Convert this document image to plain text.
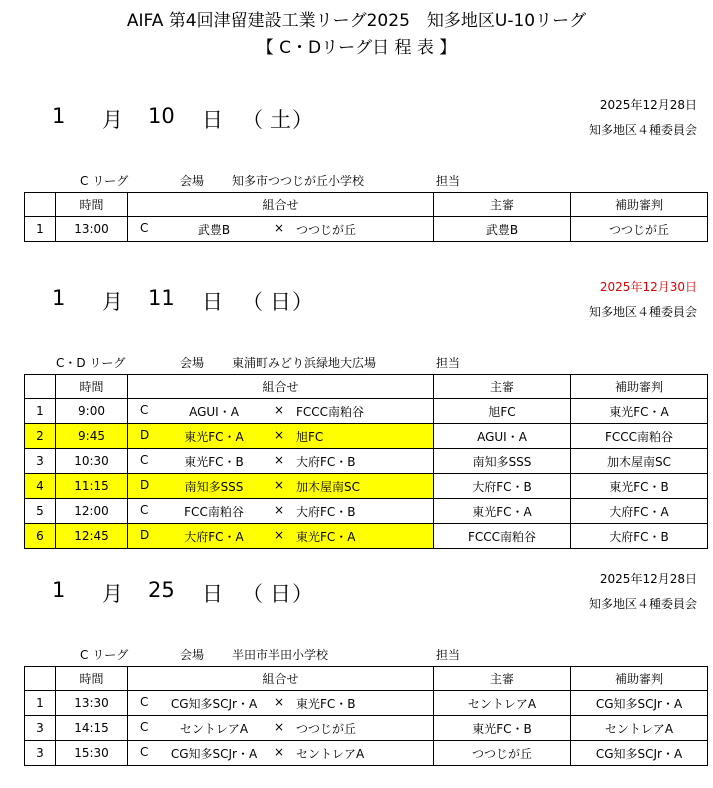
AIFA 第4回津留建設工業リーグ2025　知多地区U-10リーグ
【 C・Dリーグ日 程 表 】
1 月 10 日 （ 土 ）
2025年12月28日
知多地区４種委員会
C リーグ	会場 知多市つつじが丘小学校	担当
	時間	組合せ	主審	補助審判
1	13:00	C 武豊B × つつじが丘	武豊B	つつじが丘
1 月 11 日 （ 日 ）
2025年12月30日
知多地区４種委員会
C・D リーグ	会場 東浦町みどり浜緑地大広場	担当
	時間	組合せ	主審	補助審判
1	9:00	C AGUI・A × FCCC南粕谷	旭FC	東光FC・A
2	9:45	D 東光FC・A × 旭FC	AGUI・A	FCCC南粕谷
3	10:30	C 東光FC・B × 大府FC・B	南知多SSS	加木屋南SC
4	11:15	D 南知多SSS × 加木屋南SC	大府FC・B	東光FC・B
5	12:00	C FCC南粕谷 × 大府FC・B	東光FC・A	大府FC・A
6	12:45	D 大府FC・A × 東光FC・A	FCCC南粕谷	大府FC・B
1 月 25 日 （ 日 ）
2025年12月28日
知多地区４種委員会
C リーグ	会場 半田市半田小学校	担当
	時間	組合せ	主審	補助審判
1	13:30	C CG知多SCJr・A × 東光FC・B	セントレアA	CG知多SCJr・A
3	14:15	C セントレアA × つつじが丘	東光FC・B	セントレアA
3	15:30	C CG知多SCJr・A × セントレアA	つつじが丘	CG知多SCJr・A
